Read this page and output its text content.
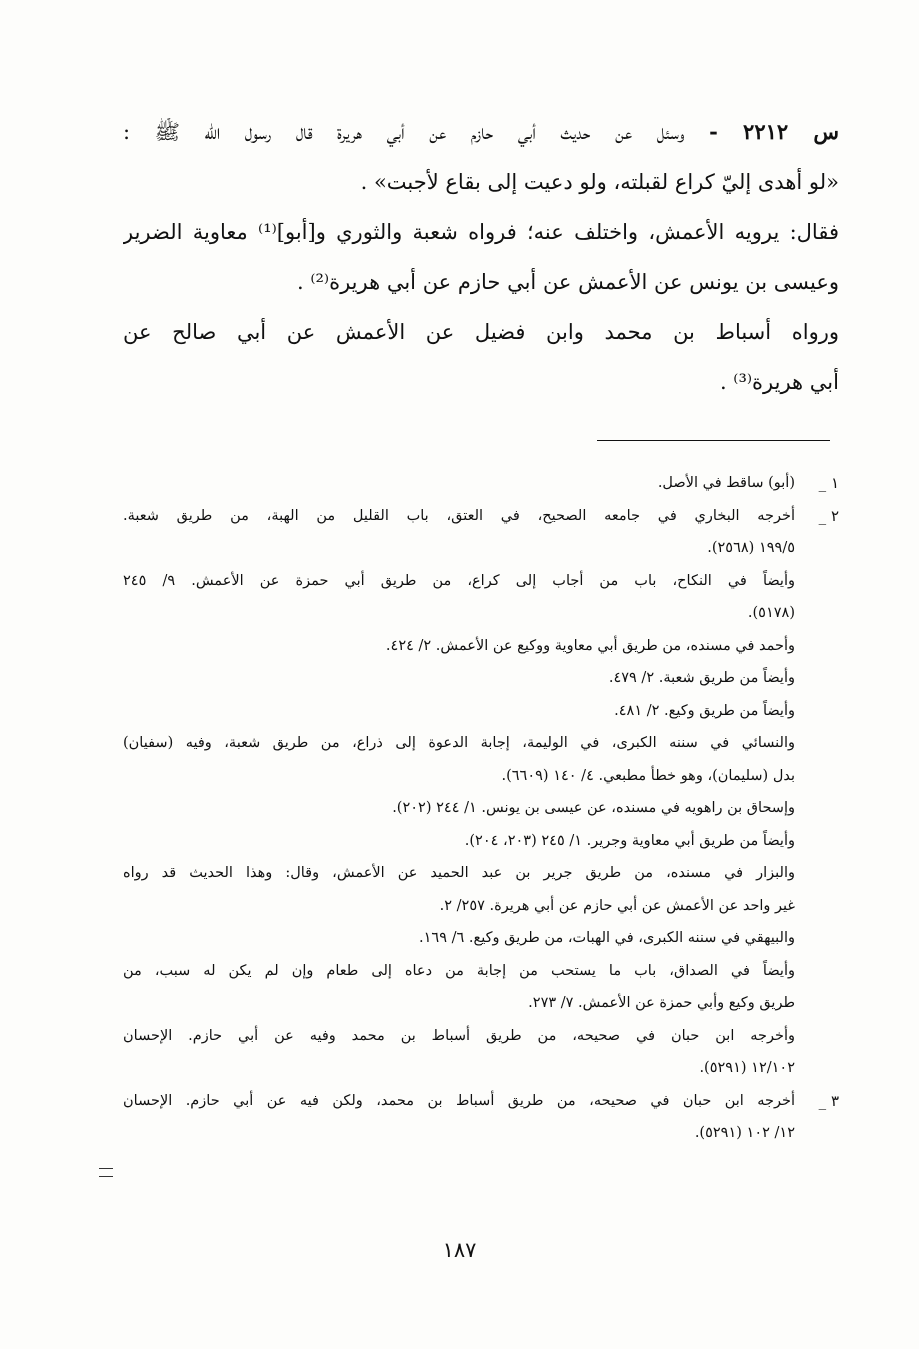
س ٢٢١٢ - وسئل عن حديث أبي حازم عن أبي هريرة قال رسول الله ﷺ :
«لو أهدى إليّ كراع لقبلته، ولو دعيت إلى بقاع لأجبت» .
فقال: يرويه الأعمش، واختلف عنه؛ فرواه شعبة والثوري و[أبو]⁽¹⁾ معاوية الضرير
وعيسى بن يونس عن الأعمش عن أبي حازم عن أبي هريرة⁽²⁾ .
ورواه أسباط بن محمد وابن فضيل عن الأعمش عن أبي صالح عن
أبي هريرة⁽³⁾ .
١ _
(أبو) ساقط في الأصل.
٢ _
أخرجه البخاري في جامعه الصحيح، في العتق، باب القليل من الهبة، من طريق شعبة.
١٩٩/٥ (٢٥٦٨).
وأيضاً في النكاح، باب من أجاب إلى كراع، من طريق أبي حمزة عن الأعمش. ٩/ ٢٤٥
(٥١٧٨).
وأحمد في مسنده، من طريق أبي معاوية ووكيع عن الأعمش. ٢/ ٤٢٤.
وأيضاً من طريق شعبة. ٢/ ٤٧٩.
وأيضاً من طريق وكيع. ٢/ ٤٨١.
والنسائي في سننه الكبرى، في الوليمة، إجابة الدعوة إلى ذراع، من طريق شعبة، وفيه (سفيان)
بدل (سليمان)، وهو خطأ مطبعي. ٤/ ١٤٠ (٦٦٠٩).
وإسحاق بن راهويه في مسنده، عن عيسى بن يونس. ١/ ٢٤٤ (٢٠٢).
وأيضاً من طريق أبي معاوية وجرير. ١/ ٢٤٥ (٢٠٣، ٢٠٤).
والبزار في مسنده، من طريق جرير بن عبد الحميد عن الأعمش، وقال: وهذا الحديث قد رواه
غير واحد عن الأعمش عن أبي حازم عن أبي هريرة. ٢٥٧/ ٢.
والبيهقي في سننه الكبرى، في الهبات، من طريق وكيع. ٦/ ١٦٩.
وأيضاً في الصداق، باب ما يستحب من إجابة من دعاه إلى طعام وإن لم يكن له سبب، من
طريق وكيع وأبي حمزة عن الأعمش. ٧/ ٢٧٣.
وأخرجه ابن حبان في صحيحه، من طريق أسباط بن محمد وفيه عن أبي حازم. الإحسان
١٢/١٠٢ (٥٢٩١).
٣ _
أخرجه ابن حبان في صحيحه، من طريق أسباط بن محمد، ولكن فيه عن أبي حازم. الإحسان
١٢/ ١٠٢ (٥٢٩١).
١٨٧
